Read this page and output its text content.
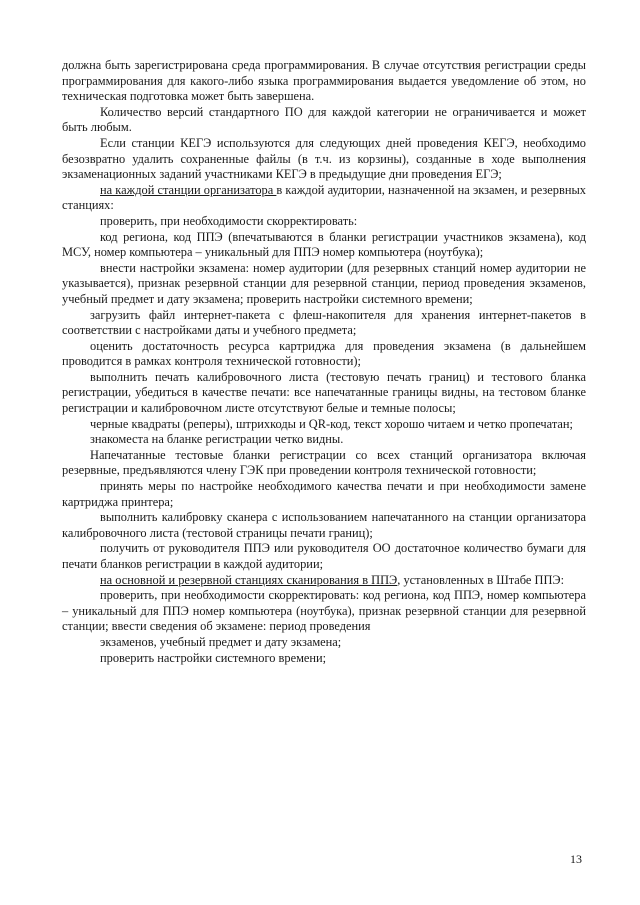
должна быть зарегистрирована среда программирования. В случае отсутствия регистрации среды программирования для какого-либо языка программирования выдается уведомление об этом, но техническая подготовка может быть завершена.

Количество версий стандартного ПО для каждой категории не ограничивается и может быть любым.

Если станции КЕГЭ используются для следующих дней проведения КЕГЭ, необходимо безозвратно удалить сохраненные файлы (в т.ч. из корзины), созданные в ходе выполнения экзаменационных заданий участниками КЕГЭ в предыдущие дни проведения ЕГЭ;

на каждой станции организатора в каждой аудитории, назначенной на экзамен, и резервных станциях:

проверить, при необходимости скорректировать:

код региона, код ППЭ (впечатываются в бланки регистрации участников экзамена), код МСУ, номер компьютера – уникальный для ППЭ номер компьютера (ноутбука);

внести настройки экзамена: номер аудитории (для резервных станций номер аудитории не указывается), признак резервной станции для резервной станции, период проведения экзаменов, учебный предмет и дату экзамена; проверить настройки системного времени;

загрузить файл интернет-пакета с флеш-накопителя для хранения интернет-пакетов в соответствии с настройками даты и учебного предмета;

оценить достаточность ресурса картриджа для проведения экзамена (в дальнейшем проводится в рамках контроля технической готовности);

выполнить печать калибровочного листа (тестовую печать границ) и тестового бланка регистрации, убедиться в качестве печати: все напечатанные границы видны, на тестовом бланке регистрации и калибровочном листе отсутствуют белые и темные полосы;

черные квадраты (реперы), штрихкоды и QR-код, текст хорошо читаем и четко пропечатан;

знакоместа на бланке регистрации четко видны.

Напечатанные тестовые бланки регистрации со всех станций организатора включая резервные, предъявляются члену ГЭК при проведении контроля технической готовности;

принять меры по настройке необходимого качества печати и при необходимости замене картриджа принтера;

выполнить калибровку сканера с использованием напечатанного на станции организатора калибровочного листа (тестовой страницы печати границ);

получить от руководителя ППЭ или руководителя ОО достаточное количество бумаги для печати бланков регистрации в каждой аудитории;

на основной и резервной станциях сканирования в ППЭ, установленных в Штабе ППЭ:

проверить, при необходимости скорректировать: код региона, код ППЭ, номер компьютера – уникальный для ППЭ номер компьютера (ноутбука), признак резервной станции для резервной станции; ввести сведения об экзамене: период проведения

экзаменов, учебный предмет и дату экзамена;

проверить настройки системного времени;

13
